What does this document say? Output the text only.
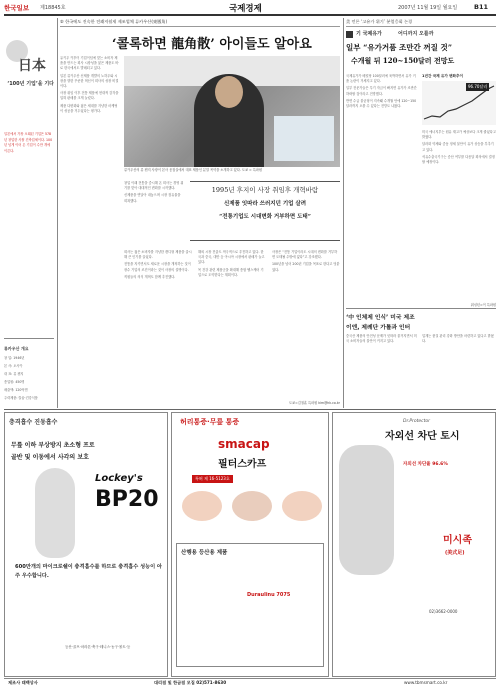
한국일보 제18845호	국제경제	2007년 11월 19일 월요일	B11
日本
‘100년 기업’을 기다
일본에서 가장 오래된 기업은 578년 창업한 사찰 건축업체이다. 100년 넘게 이어 온 기업이 수만 개에 이른다.
류카우산 개요
창 업: 1946년
본 사: 오사카
대 표: 류 켄지
종업원: 450명
매출액: 120억엔
주력제품: 칼슘·건강식품
⑤ 한국에도 진숙한 전쾌져월제 제조업체 류카우산(東鳳角)
‘콜록하면 龍角散’ 아이들도 알아요

유키우 카후이 기업이념에 맞는 소비자 제품을 만드는 회사 시장성을 잃은 제품도 바로 한국에서도 발매되고 있다.

일본 류카우산 신제품 개발의 노하우와 시장을 향한 꾸준한 혁신이 회사의 성장 비결이다.

사장 취임 이후 전통 제품에 현대적 감각을 입혀 판매를 크게 늘렸다.

제품 다변화와 젊은 세대를 겨냥한 마케팅이 성공을 거두었다는 평가다.

류카우산의 류 켄지 사장이 본사 응접실에서 대표 제품인 분말 목약을 소개하고 있다. 도쿄 = 특파원

창업 이래 전통을 중시해 온 회사는 경영 위기를 맞아 대대적인 변화를 시작했다.

신제품을 연달아 내놓으며 시장 점유율을 회복했다.

1995년 후지이 사장 취임후 개혁바람
신제품 잇따라 쓰러지던 기업 살려
“전통기업도 시대변화 거부하면 도태”

회사는 젊은 소비자를 겨냥한 캔디형 제품을 출시해 큰 인기를 끌었다.

전통을 지키면서도 새로운 시장을 개척하는 것이 장수 기업의 조건이라는 것이 사장의 설명이다.

직원들의 의식 개혁도 함께 추진했다.

해외 시장 진출도 적극적으로 추진하고 있다. 한국과 중국, 대만 등 아시아 시장에서 판매가 늘고 있다.

목 건강 관련 제품군을 확대해 종합 헬스케어 기업으로 도약한다는 계획이다.

사장은 “전통 기업이라도 시대의 변화를 거부하면 도태될 수밖에 없다”고 강조했다.

100년을 넘어 200년 기업을 목표로 한다고 덧붙였다.

도쿄=김철훈 특파원 kim@hk.co.kr
美 언론 ‘고유가 위기’ 분열응회 논경
기 국제유가	어디까지 오를까
일부 “유가거품 조만간 꺼질 것”
수개월 뒤 120~150달러 전망도

국제유가가 배럴당 100달러에 육박하면서 유가 거품 논란이 거세지고 있다.

일부 전문가들은 투기 자금이 빠지면 유가가 조만간 하락할 것이라고 전망했다.

반면 수급 불균형이 지속돼 수개월 안에 120~150달러까지 오를 수 있다는 전망도 나왔다.

1년간 국제 유가 변화추이
96.70달러

미국 에너지부는 원유 재고가 예상보다 크게 줄었다고 밝혔다.

달러화 약세와 중동 정세 불안이 유가 상승을 부추기고 있다.

석유수출국기구는 증산 여부를 다음달 회의에서 결정할 예정이다.

워싱턴=이 특파원
‘中 인체제 인식’ 미국 제조
이엔, 제례단 가톨과 인터

중국산 제품의 안전성 문제가 잇따라 불거지면서 미국 소비자들의 불안이 커지고 있다.

업계는 품질 관리 강화 방안을 마련하고 있다고 밝혔다.

충격흡수 진동흡수
무릎 이하 부상방지 초소형 프로
골반 및 이동에서 사각의 보호
Lockey's
BP20
600만개의 마이크로쉘이 충격흡수를 하므로 충격흡수 성능이 아주 우수합니다.
등산·골프·마라톤·축구·테니스·농구·볼트·등
허리통증·무릎 통증
smacap
필터스카프
특허 제 16-5123호
산행용 등산용 제품
Duraulinu 7075
Dr.Protector
자외선 차단 토시
자외선 차단율 96.6%
미시족
(美式足)
02)3662-0000
제조사 태백상사	대리점 및 한금점 모집 02)571-8630	www.tbmsmart.co.kr
